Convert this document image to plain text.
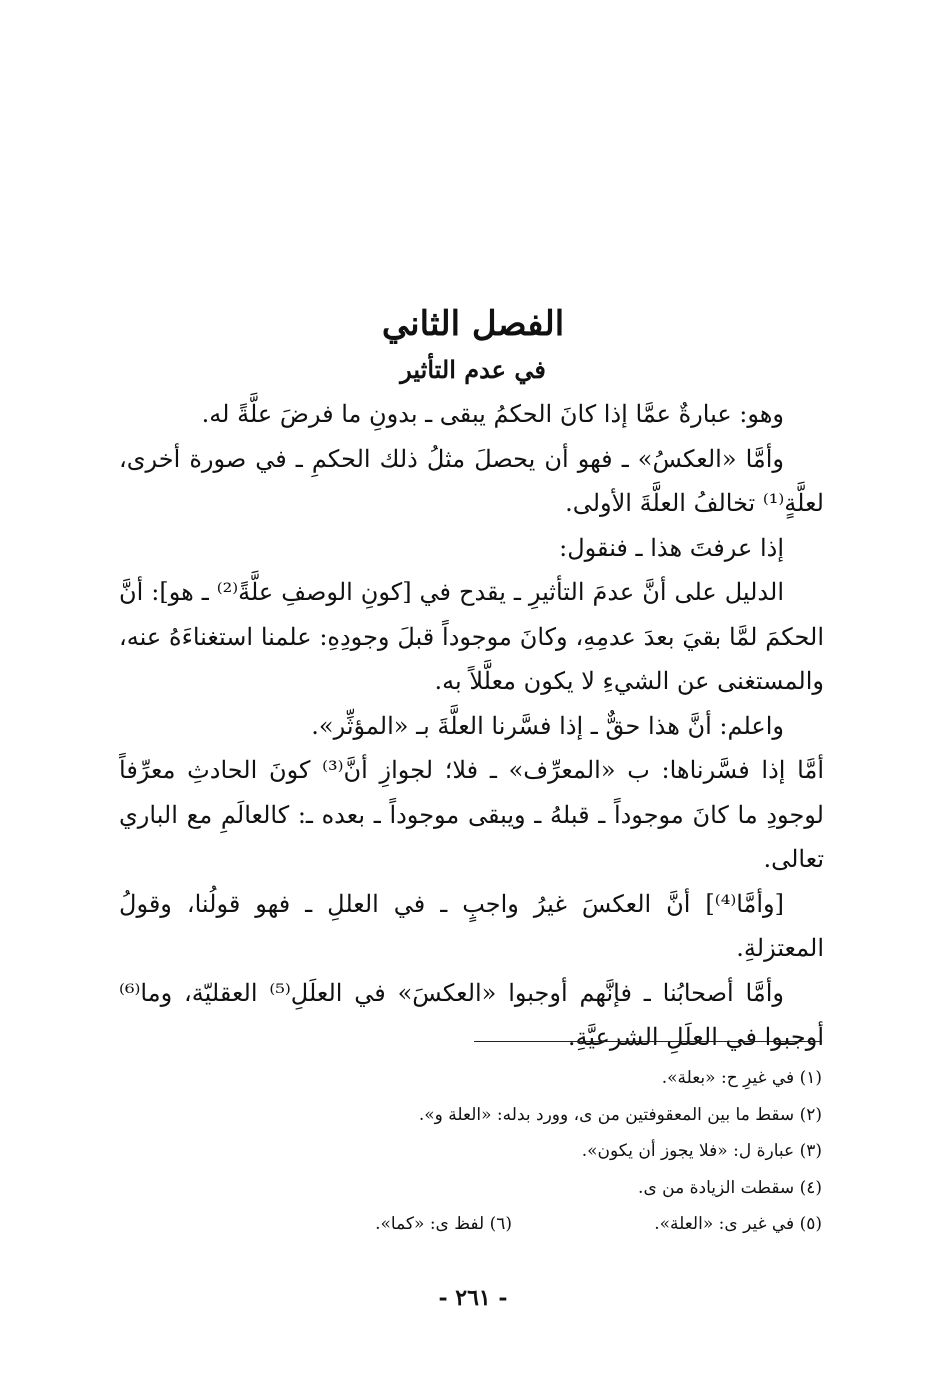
الفصل الثاني
في عدم التأثير

وهو: عبارةٌ عمَّا إذا كانَ الحكمُ يبقى ـ بدونِ ما فرضَ علَّةً له.

وأمَّا «العكسُ» ـ فهو أن يحصلَ مثلُ ذلك الحكمِ ـ في صورة أخرى، لعلَّةٍ⁽¹⁾ تخالفُ العلَّةَ الأولى.

إذا عرفتَ هذا ـ فنقول:

الدليل على أنَّ عدمَ التأثيرِ ـ يقدح في [كونِ الوصفِ علَّةً⁽²⁾ ـ هو]: أنَّ الحكمَ لمَّا بقيَ بعدَ عدمِهِ، وكانَ موجوداً قبلَ وجودِهِ: علمنا استغناءَهُ عنه، والمستغنى عن الشيءِ لا يكون معلَّلاً به.

واعلم: أنَّ هذا حقٌّ ـ إذا فسَّرنا العلَّةَ بـ «المؤثِّر».

أمَّا إذا فسَّرناها: ب «المعرِّف» ـ فلا؛ لجوازِ أنَّ⁽³⁾ كونَ الحادثِ معرِّفاً لوجودِ ما كانَ موجوداً ـ قبلهُ ـ ويبقى موجوداً ـ بعده ـ: كالعالَمِ مع الباري تعالى.

[وأمَّا⁽⁴⁾] أنَّ العكسَ غيرُ واجبٍ ـ في العللِ ـ فهو قولُنا، وقولُ المعتزلةِ.

وأمَّا أصحابُنا ـ فإنَّهم أوجبوا «العكسَ» في العلَلِ⁽⁵⁾ العقليّة، وما⁽⁶⁾ أوجبوا في العلَلِ الشرعيَّةِ.

(١) في غيرِ ح: «بعلة».

(٢) سقط ما بين المعقوفتين من ى، وورد بدله: «العلة و».

(٣) عبارة ل: «فلا يجوز أن يكون».

(٤) سقطت الزيادة من ى.

(٥) في غير ى: «العلة».
(٦) لفظ ى: «كما».
- ٢٦١ -
